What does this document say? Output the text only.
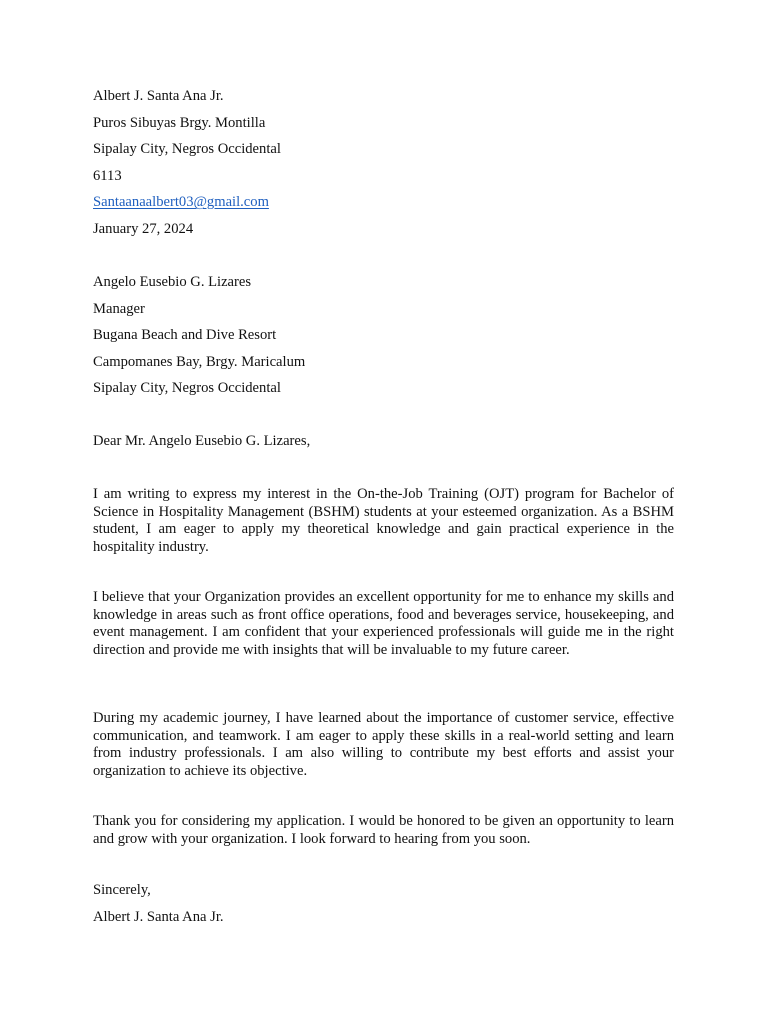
Albert J. Santa Ana Jr.
Puros Sibuyas Brgy. Montilla
Sipalay City, Negros Occidental
6113
Santaanaalbert03@gmail.com
January 27, 2024
Angelo Eusebio G. Lizares
Manager
Bugana Beach and Dive Resort
Campomanes Bay, Brgy. Maricalum
Sipalay City, Negros Occidental
Dear Mr. Angelo Eusebio G. Lizares,

I am writing to express my interest in the On-the-Job Training (OJT) program for Bachelor of Science in Hospitality Management (BSHM) students at your esteemed organization. As a BSHM student, I am eager to apply my theoretical knowledge and gain practical experience in the hospitality industry.

I believe that your Organization provides an excellent opportunity for me to enhance my skills and knowledge in areas such as front office operations, food and beverages service, housekeeping, and event management. I am confident that your experienced professionals will guide me in the right direction and provide me with insights that will be invaluable to my future career.

During my academic journey, I have learned about the importance of customer service, effective communication, and teamwork. I am eager to apply these skills in a real-world setting and learn from industry professionals. I am also willing to contribute my best efforts and assist your organization to achieve its objective.

Thank you for considering my application. I would be honored to be given an opportunity to learn and grow with your organization. I look forward to hearing from you soon.

Sincerely,
Albert J. Santa Ana Jr.
